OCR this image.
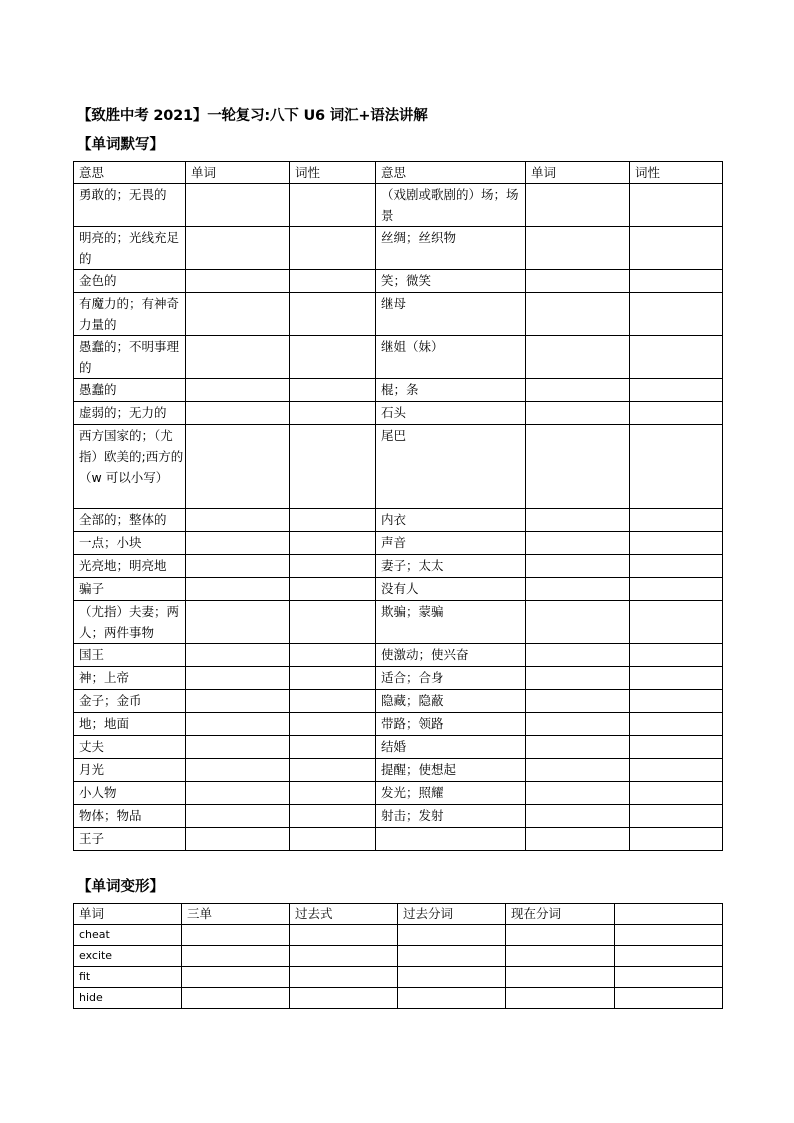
【致胜中考 2021】一轮复习:八下 U6 词汇+语法讲解
【单词默写】
意思	单词	词性	意思	单词	词性
勇敢的；无畏的			（戏剧或歌剧的）场；场景		
明亮的；光线充足的			丝绸；丝织物		
金色的			笑；微笑		
有魔力的；有神奇力量的			继母		
愚蠢的；不明事理的			继姐（妹）		
愚蠢的			棍；条		
虚弱的；无力的			石头		
西方国家的；（尤指）欧美的;西方的（w 可以小写）			尾巴		
全部的；整体的			内衣		
一点；小块			声音		
光亮地；明亮地			妻子；太太		
骗子			没有人		
（尤指）夫妻；两人；两件事物			欺骗；蒙骗		
国王			使激动；使兴奋		
神；上帝			适合；合身		
金子；金币			隐藏；隐蔽		
地；地面			带路；领路		
丈夫			结婚		
月光			提醒；使想起		
小人物			发光；照耀		
物体；物品			射击；发射		
王子					
【单词变形】
单词	三单	过去式	过去分词	现在分词	
cheat					
excite					
fit					
hide					
